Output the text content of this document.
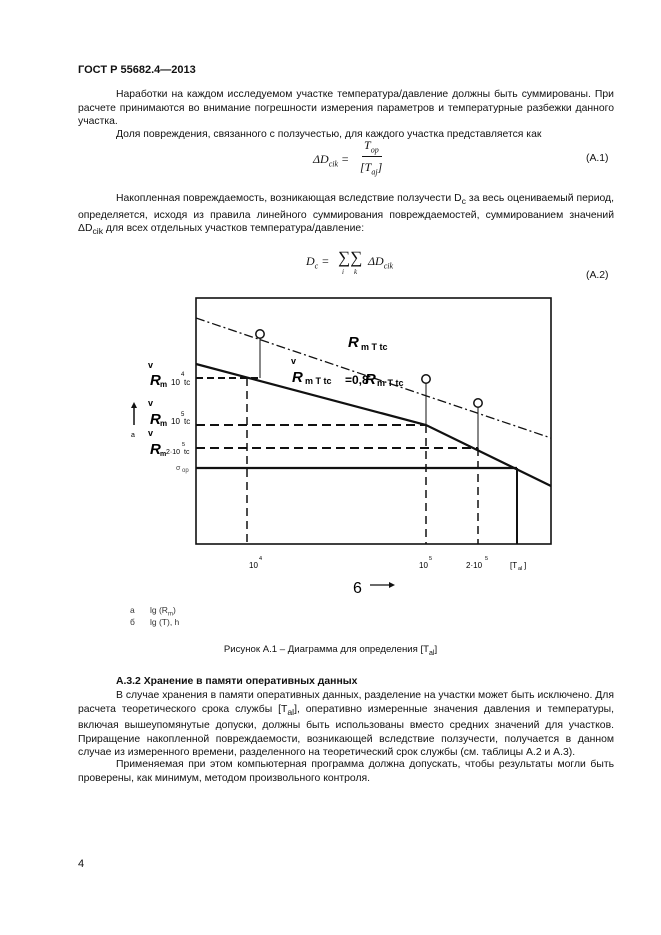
ГОСТ Р 55682.4—2013
Наработки на каждом исследуемом участке температура/давление должны быть суммированы. При расчете принимаются во внимание погрешности измерения параметров и температурные разбежки данного участка.
Доля повреждения, связанного с ползучестью, для каждого участка представляется как
$\Delta D_{cik}$ =
$T_{op}$
$[T_{aj}]$
(A.1)
Накопленная повреждаемость, возникающая вследствие ползучести $D_c$ за весь оцениваемый период, определяется, исходя из правила линейного суммирования повреждаемостей, суммированием значений $\Delta D_{cik}$ для всех отдельных участков температура/давление:
$D_c$ = ∑∑
i k
$\Delta D_{cik}$
(A.2)
R m T tc
v
R m T tc =0,8
R m T tc
v
R m 10
4
tc
v
R m 10
5
tc
v
R m 2·10
5
tc
σ op
a
10
4
10
5
2·10
5
[T al ]
6
a $\lg (R_m)$
б lg (T), h
Рисунок А.1 – Диаграмма для определения $[T_{al}]$
А.3.2 Хранение в памяти оперативных данных
В случае хранения в памяти оперативных данных, разделение на участки может быть исключено. Для расчета теоретического срока службы $[T_{al}]$, оперативно измеренные значения давления и температуры, включая вышеупомянутые допуски, должны быть использованы вместо средних значений для участков. Приращение накопленной повреждаемости, возникающей вследствие ползучести, получается в данном случае из измеренного времени, разделенного на теоретический срок службы (см. таблицы А.2 и А.3).
Применяемая при этом компьютерная программа должна допускать, чтобы результаты могли быть проверены, как минимум, методом произвольного контроля.
4
